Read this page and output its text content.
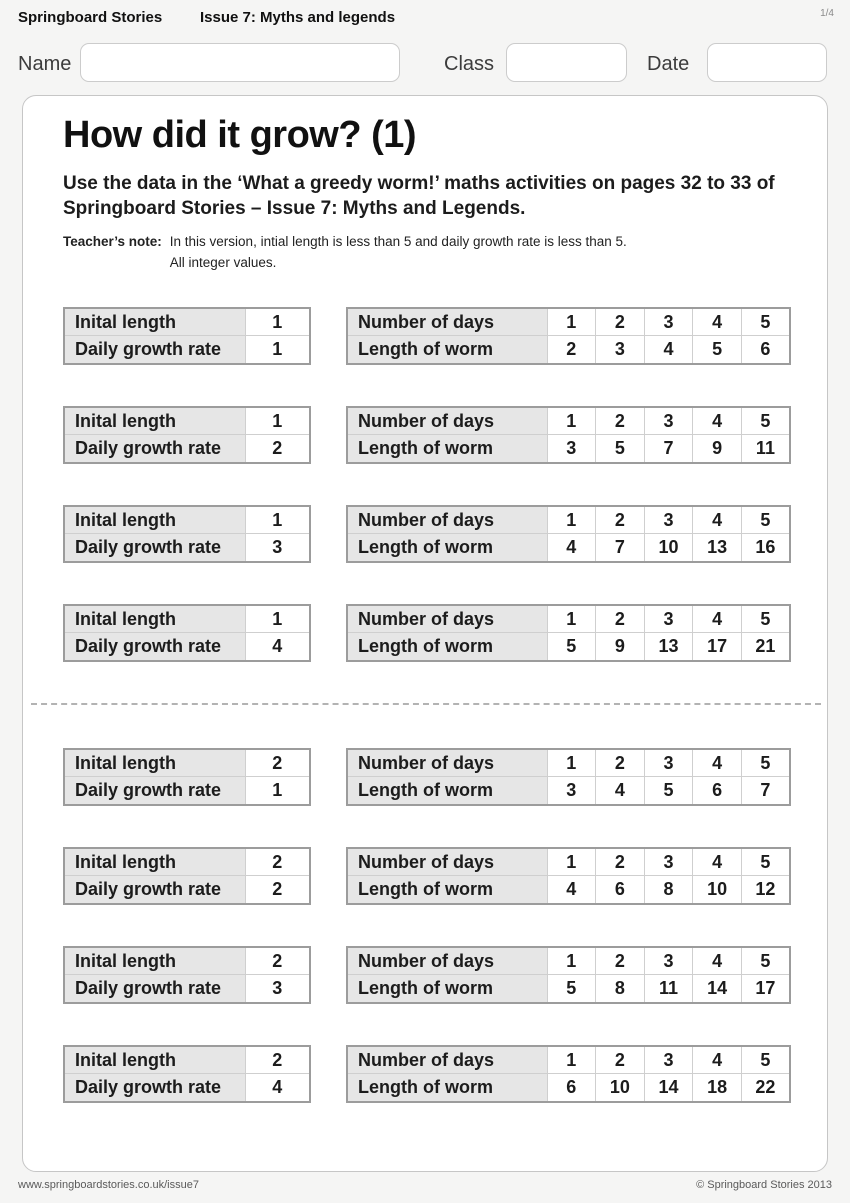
Springboard Stories	Issue 7: Myths and legends	1/4
Name	Class	Date
How did it grow? (1)

Use the data in the ‘What a greedy worm!’ maths activities on pages 32 to 33 of Springboard Stories – Issue 7: Myths and Legends.

Teacher’s note: In this version, intial length is less than 5 and daily growth rate is less than 5.
All integer values.
Inital length	1
Daily growth rate	1
Number of days	1	2	3	4	5
Length of worm	2	3	4	5	6
Inital length	1
Daily growth rate	2
Number of days	1	2	3	4	5
Length of worm	3	5	7	9	11
Inital length	1
Daily growth rate	3
Number of days	1	2	3	4	5
Length of worm	4	7	10	13	16
Inital length	1
Daily growth rate	4
Number of days	1	2	3	4	5
Length of worm	5	9	13	17	21
Inital length	2
Daily growth rate	1
Number of days	1	2	3	4	5
Length of worm	3	4	5	6	7
Inital length	2
Daily growth rate	2
Number of days	1	2	3	4	5
Length of worm	4	6	8	10	12
Inital length	2
Daily growth rate	3
Number of days	1	2	3	4	5
Length of worm	5	8	11	14	17
Inital length	2
Daily growth rate	4
Number of days	1	2	3	4	5
Length of worm	6	10	14	18	22
www.springboardstories.co.uk/issue7	© Springboard Stories 2013
